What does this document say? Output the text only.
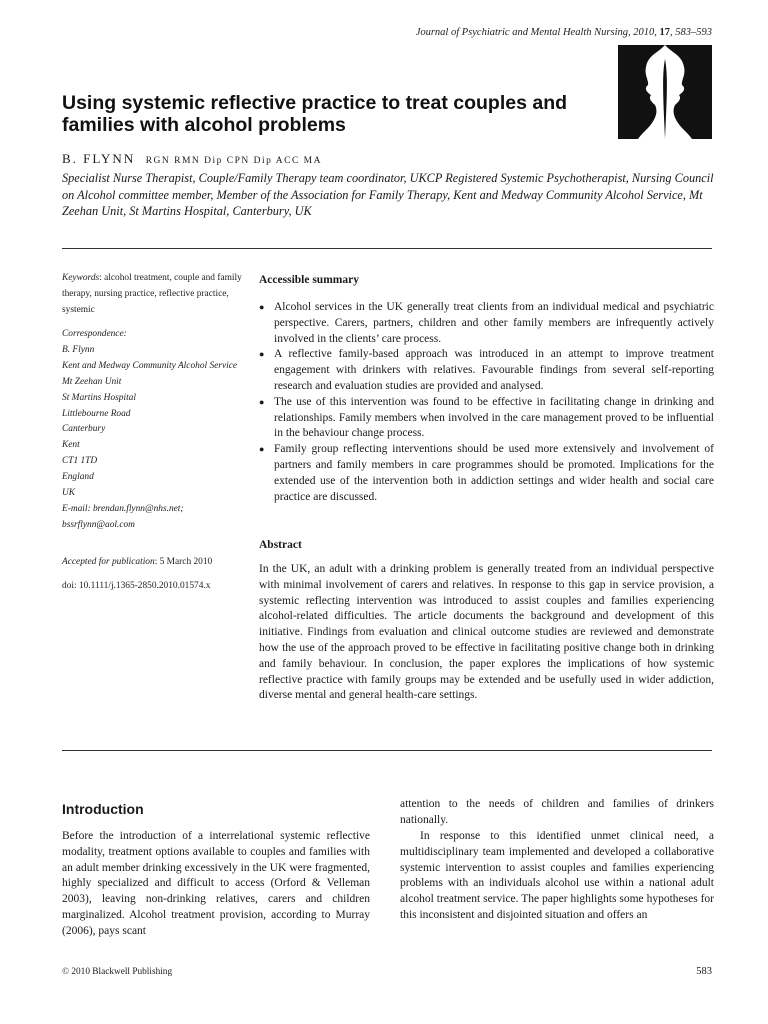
Journal of Psychiatric and Mental Health Nursing, 2010, 17, 583–593
Using systemic reflective practice to treat couples and families with alcohol problems
B. FLYNN RGN RMN Dip CPN Dip ACC MA
Specialist Nurse Therapist, Couple/Family Therapy team coordinator, UKCP Registered Systemic Psychotherapist, Nursing Council on Alcohol committee member, Member of the Association for Family Therapy, Kent and Medway Community Alcohol Service, Mt Zeehan Unit, St Martins Hospital, Canterbury, UK

Keywords: alcohol treatment, couple and family therapy, nursing practice, reflective practice, systemic

Correspondence:

B. Flynn

Kent and Medway Community Alcohol Service

Mt Zeehan Unit

St Martins Hospital

Littlebourne Road

Canterbury

Kent

CT1 1TD

England

UK

E-mail: brendan.flynn@nhs.net;

bssrflynn@aol.com

Accepted for publication: 5 March 2010

doi: 10.1111/j.1365-2850.2010.01574.x
Accessible summary
● Alcohol services in the UK generally treat clients from an individual medical and psychiatric perspective. Carers, partners, children and other family members are infrequently actively involved in the clients’ care process.
● A reflective family-based approach was introduced in an attempt to improve treatment engagement with drinkers with relatives. Favourable findings from several self-reporting research and evaluation studies are provided and analysed.
● The use of this intervention was found to be effective in facilitating change in drinking and relationships. Family members when involved in the care management proved to be influential in the behaviour change process.
● Family group reflecting interventions should be used more extensively and involvement of partners and family members in care programmes should be promoted. Implications for the extended use of the intervention both in addiction settings and wider health and social care practice are discussed.
Abstract

In the UK, an adult with a drinking problem is generally treated from an individual perspective with minimal involvement of carers and relatives. In response to this gap in service provision, a systemic reflecting intervention was introduced to assist couples and families experiencing alcohol-related difficulties. The article documents the background and development of this initiative. Findings from evaluation and clinical outcome studies are reviewed and demonstrate how the use of the approach proved to be effective in facilitating positive change both in drinking and family behaviour. In conclusion, the paper explores the implications of how systemic reflective practice with family groups may be extended and be usefully used in wider addiction, diverse mental and general health-care settings.

Introduction

Before the introduction of a interrelational systemic reflective modality, treatment options available to couples and families with an adult member drinking excessively in the UK were fragmented, highly specialized and difficult to access (Orford & Velleman 2003), leaving non-drinking relatives, carers and children marginalized. Alcohol treatment provision, according to Murray (2006), pays scant

attention to the needs of children and families of drinkers nationally.

In response to this identified unmet clinical need, a multidisciplinary team implemented and developed a collaborative systemic intervention to assist couples and families experiencing problems with an individuals alcohol use within a national adult alcohol treatment service. The paper highlights some hypotheses for this inconsistent and disjointed situation and offers an

© 2010 Blackwell Publishing	583
